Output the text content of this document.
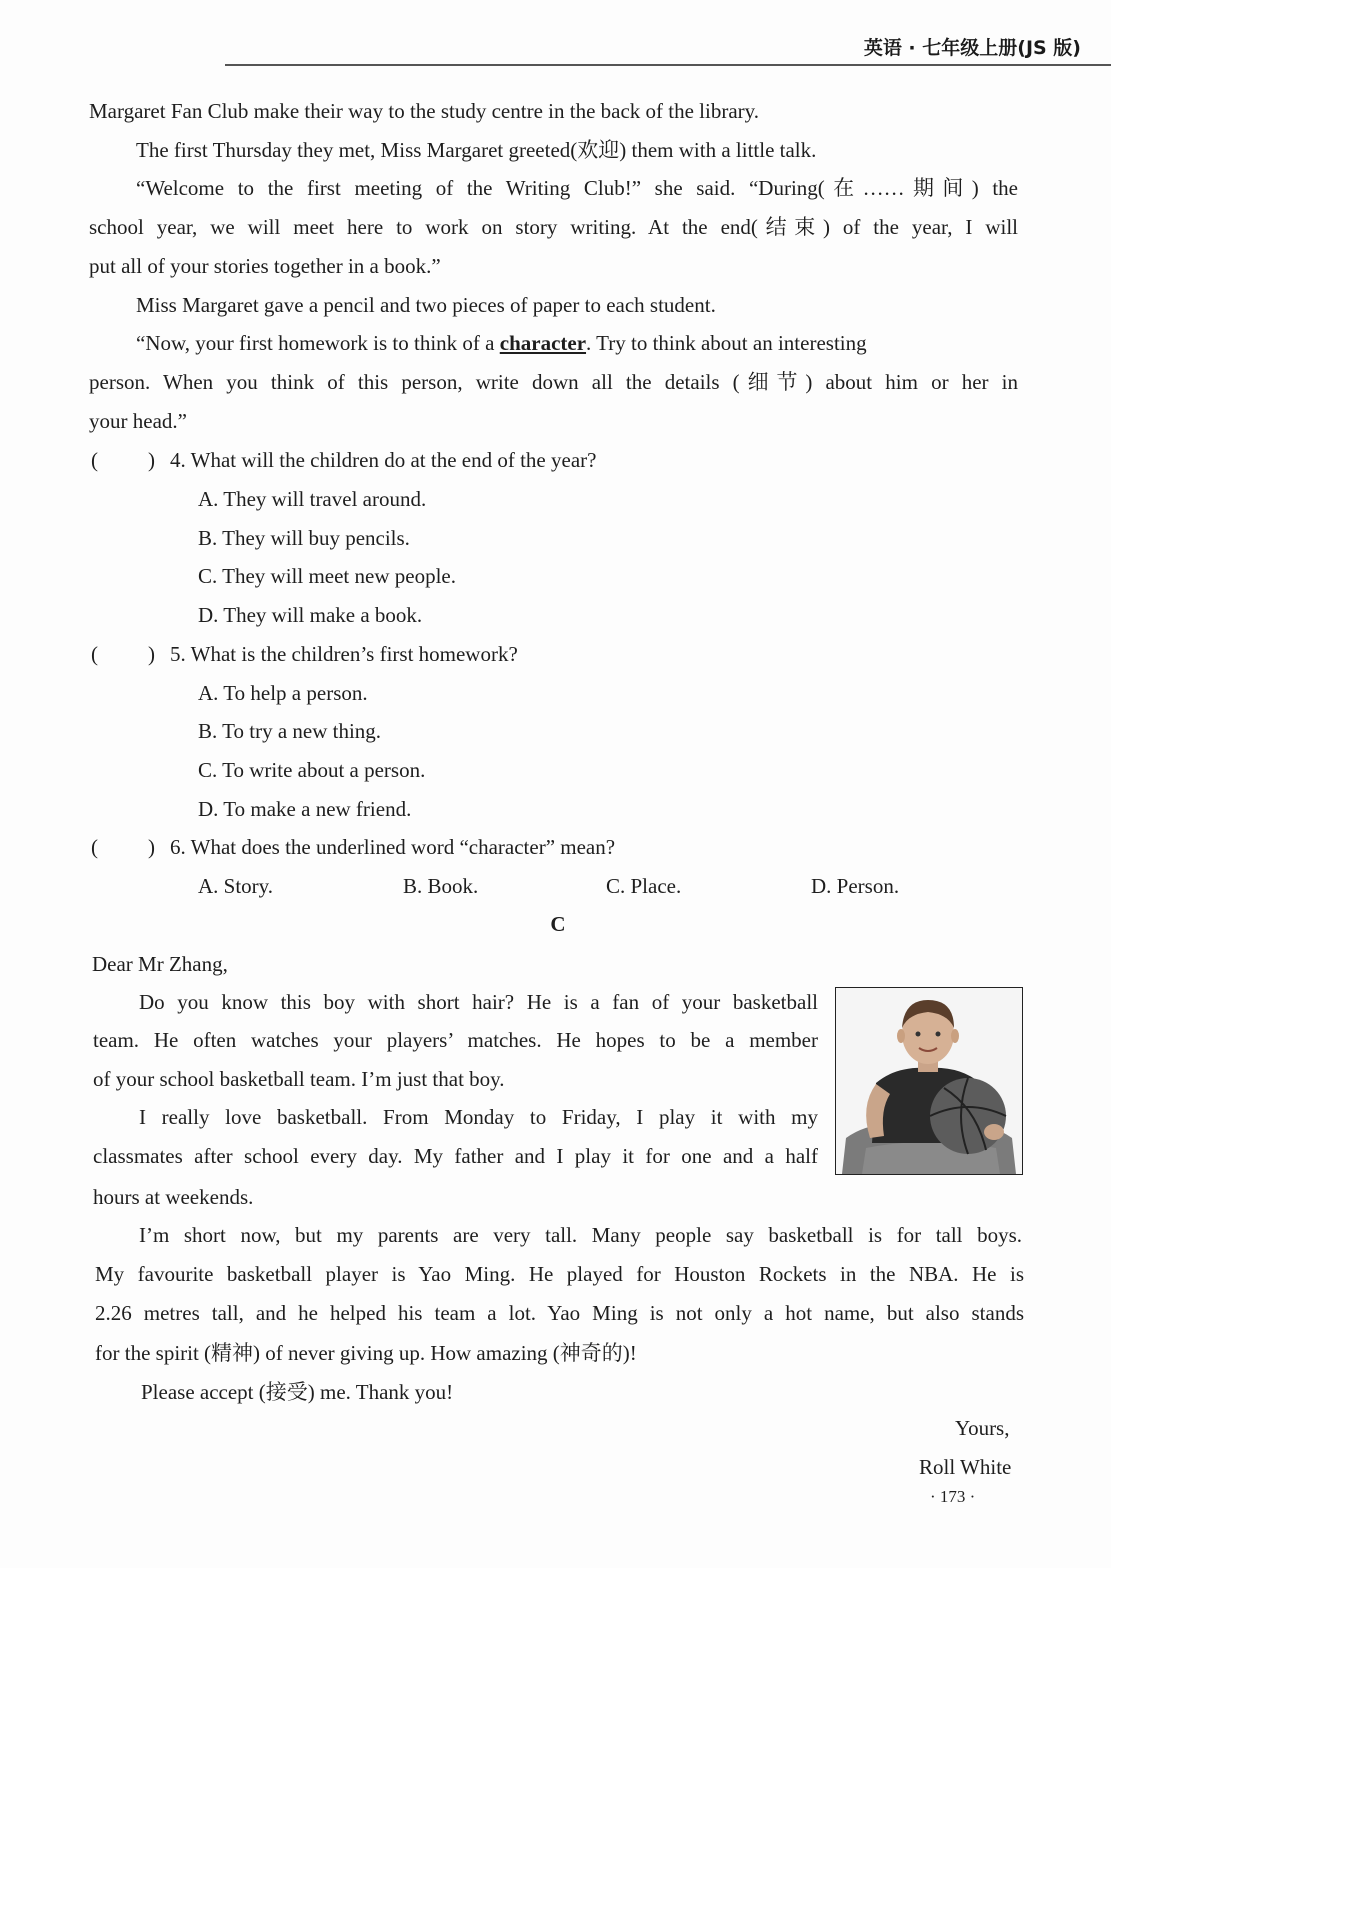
英语 · 七年级上册(JS 版)
Margaret Fan Club make their way to the study centre in the back of the library.
The first Thursday they met, Miss Margaret greeted(欢迎) them with a little talk.
“Welcome to the first meeting of the Writing Club!” she said. “During(在……期间) the
school year, we will meet here to work on story writing. At the end(结束) of the year, I will
put all of your stories together in a book.”
Miss Margaret gave a pencil and two pieces of paper to each student.
“Now, your first homework is to think of a character. Try to think about an interesting
person. When you think of this person, write down all the details (细节) about him or her in
your head.”
( ) 4. What will the children do at the end of the year?
A. They will travel around.
B. They will buy pencils.
C. They will meet new people.
D. They will make a book.
( ) 5. What is the children’s first homework?
A. To help a person.
B. To try a new thing.
C. To write about a person.
D. To make a new friend.
( ) 6. What does the underlined word “character” mean?
A. Story.	B. Book.	C. Place.	D. Person.
C
Dear Mr Zhang,
Do you know this boy with short hair? He is a fan of your basketball
team. He often watches your players’ matches. He hopes to be a member
of your school basketball team. I’m just that boy.
I really love basketball. From Monday to Friday, I play it with my
classmates after school every day. My father and I play it for one and a half
hours at weekends.
I’m short now, but my parents are very tall. Many people say basketball is for tall boys.
My favourite basketball player is Yao Ming. He played for Houston Rockets in the NBA. He is
2.26 metres tall, and he helped his team a lot. Yao Ming is not only a hot name, but also stands
for the spirit (精神) of never giving up. How amazing (神奇的)!
Please accept (接受) me. Thank you!
Yours,
Roll White
· 173 ·
